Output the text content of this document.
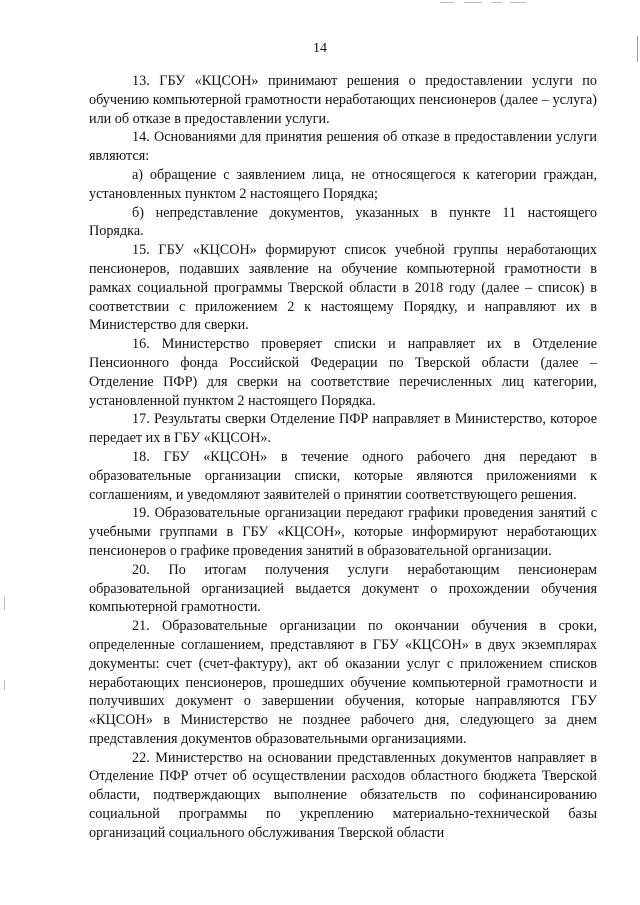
14

13. ГБУ «КЦСОН» принимают решения о предоставлении услуги по обучению компьютерной грамотности неработающих пенсионеров (далее – услуга) или об отказе в предоставлении услуги.

14. Основаниями для принятия решения об отказе в предоставлении услуги являются:

а) обращение с заявлением лица, не относящегося к категории граждан, установленных пунктом 2 настоящего Порядка;

б) непредставление документов, указанных в пункте 11 настоящего Порядка.

15. ГБУ «КЦСОН» формируют список учебной группы неработающих пенсионеров, подавших заявление на обучение компьютерной грамотности в рамках социальной программы Тверской области в 2018 году (далее – список) в соответствии с приложением 2 к настоящему Порядку, и направляют их в Министерство для сверки.

16. Министерство проверяет списки и направляет их в Отделение Пенсионного фонда Российской Федерации по Тверской области (далее – Отделение ПФР) для сверки на соответствие перечисленных лиц категории, установленной пунктом 2 настоящего Порядка.

17. Результаты сверки Отделение ПФР направляет в Министерство, которое передает их в ГБУ «КЦСОН».

18. ГБУ «КЦСОН» в течение одного рабочего дня передают в образовательные организации списки, которые являются приложениями к соглашениям, и уведомляют заявителей о принятии соответствующего решения.

19. Образовательные организации передают графики проведения занятий с учебными группами в ГБУ «КЦСОН», которые информируют неработающих пенсионеров о графике проведения занятий в образовательной организации.

20. По итогам получения услуги неработающим пенсионерам образовательной организацией выдается документ о прохождении обучения компьютерной грамотности.

21. Образовательные организации по окончании обучения в сроки, определенные соглашением, представляют в ГБУ «КЦСОН» в двух экземплярах документы: счет (счет-фактуру), акт об оказании услуг с приложением списков неработающих пенсионеров, прошедших обучение компьютерной грамотности и получивших документ о завершении обучения, которые направляются ГБУ «КЦСОН» в Министерство не позднее рабочего дня, следующего за днем представления документов образовательными организациями.

22. Министерство на основании представленных документов направляет в Отделение ПФР отчет об осуществлении расходов областного бюджета Тверской области, подтверждающих выполнение обязательств по софинансированию социальной программы по укреплению материально-технической базы организаций социального обслуживания Тверской области
